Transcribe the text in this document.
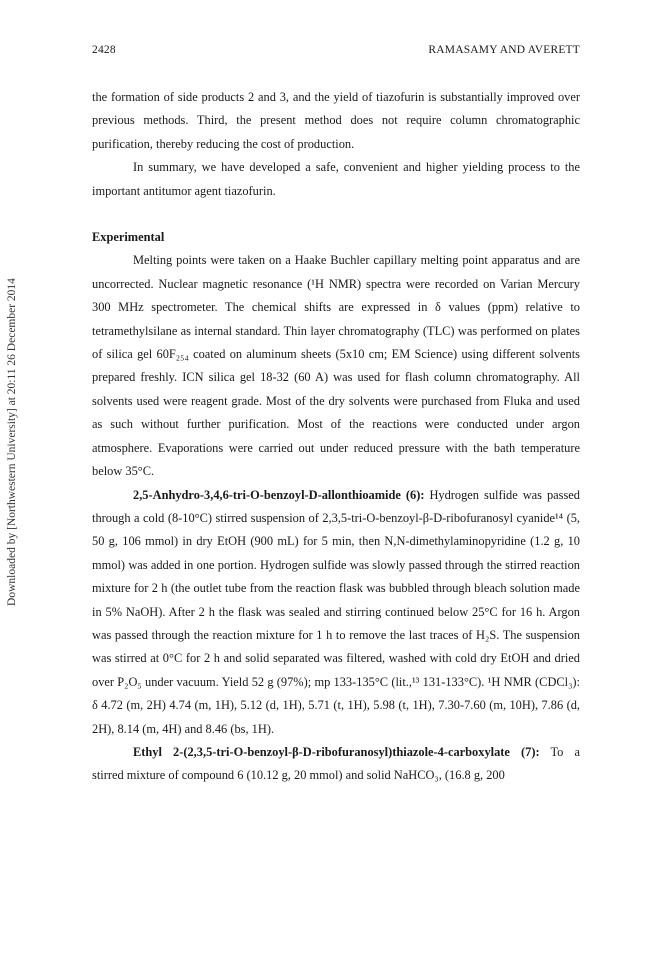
2428	RAMASAMY AND AVERETT
Downloaded by [Northwestern University] at 20:11 26 December 2014

the formation of side products 2 and 3, and the yield of tiazofurin is substantially improved over previous methods. Third, the present method does not require column chromatographic purification, thereby reducing the cost of production.

In summary, we have developed a safe, convenient and higher yielding process to the important antitumor agent tiazofurin.

Experimental

Melting points were taken on a Haake Buchler capillary melting point apparatus and are uncorrected. Nuclear magnetic resonance (¹H NMR) spectra were recorded on Varian Mercury 300 MHz spectrometer. The chemical shifts are expressed in δ values (ppm) relative to tetramethylsilane as internal standard. Thin layer chromatography (TLC) was performed on plates of silica gel 60F₂₅₄ coated on aluminum sheets (5x10 cm; EM Science) using different solvents prepared freshly. ICN silica gel 18-32 (60 A) was used for flash column chromatography. All solvents used were reagent grade. Most of the dry solvents were purchased from Fluka and used as such without further purification. Most of the reactions were conducted under argon atmosphere. Evaporations were carried out under reduced pressure with the bath temperature below 35°C.

2,5-Anhydro-3,4,6-tri-O-benzoyl-D-allonthioamide (6): Hydrogen sulfide was passed through a cold (8-10°C) stirred suspension of 2,3,5-tri-O-benzoyl-β-D-ribofuranosyl cyanide¹⁴ (5, 50 g, 106 mmol) in dry EtOH (900 mL) for 5 min, then N,N-dimethylaminopyridine (1.2 g, 10 mmol) was added in one portion. Hydrogen sulfide was slowly passed through the stirred reaction mixture for 2 h (the outlet tube from the reaction flask was bubbled through bleach solution made in 5% NaOH). After 2 h the flask was sealed and stirring continued below 25°C for 16 h. Argon was passed through the reaction mixture for 1 h to remove the last traces of H₂S. The suspension was stirred at 0°C for 2 h and solid separated was filtered, washed with cold dry EtOH and dried over P₂O₅ under vacuum. Yield 52 g (97%); mp 133-135°C (lit.,¹³ 131-133°C). ¹H NMR (CDCl₃): δ 4.72 (m, 2H) 4.74 (m, 1H), 5.12 (d, 1H), 5.71 (t, 1H), 5.98 (t, 1H), 7.30-7.60 (m, 10H), 7.86 (d, 2H), 8.14 (m, 4H) and 8.46 (bs, 1H).

Ethyl 2-(2,3,5-tri-O-benzoyl-β-D-ribofuranosyl)thiazole-4-carboxylate (7): To a stirred mixture of compound 6 (10.12 g, 20 mmol) and solid NaHCO₃, (16.8 g, 200
